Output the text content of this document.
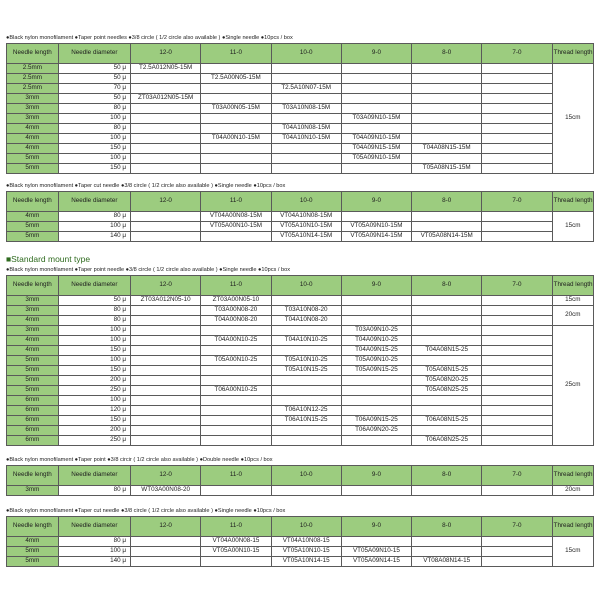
●Black nylon monofilament ●Taper point needles ●3/8 circle ( 1/2 circle also available ) ●Single needle ●10pcs / box
Needle length	Needle diameter	12-0	11-0	10-0	9-0	8-0	7-0	Thread length
2.5mm	50 μ	T2.5A012N05-15M						15cm
2.5mm	50 μ		T2.5A00N05-15M					
2.5mm	70 μ			T2.5A10N07-15M				
3mm	50 μ	ZT03A012N05-15M						
3mm	80 μ		T03A00N05-15M	T03A10N08-15M				
3mm	100 μ				T03A09N10-15M			
4mm	80 μ			T04A10N08-15M				
4mm	100 μ		T04A00N10-15M	T04A10N10-15M	T04A09N10-15M			
4mm	150 μ				T04A09N15-15M	T04A08N15-15M		
5mm	100 μ				T05A09N10-15M			
5mm	150 μ					T05A08N15-15M		
●Black nylon monofilament ●Taper cut needle ●3/8 circle ( 1/2 circle also available ) ●Single needle ●10pcs / box
Needle length	Needle diameter	12-0	11-0	10-0	9-0	8-0	7-0	Thread length
4mm	80 μ		VT04A00N08-15M	VT04A10N08-15M				15cm
5mm	100 μ		VT05A00N10-15M	VT05A10N10-15M	VT05A09N10-15M			
5mm	140 μ			VT05A10N14-15M	VT05A09N14-15M	VT05A08N14-15M		
■Standard mount type
●Black nylon monofilament ●Taper point needle ●3/8 circle ( 1/2 circle also available ) ●Single needle ●10pcs / box
Needle length	Needle diameter	12-0	11-0	10-0	9-0	8-0	7-0	Thread length
3mm	50 μ	ZT03A012N05-10	ZT03A00N05-10					15cm
3mm	80 μ		T03A00N08-20	T03A10N08-20				20cm
4mm	80 μ		T04A00N08-20	T04A10N08-20				
3mm	100 μ				T03A09N10-25			25cm
4mm	100 μ		T04A00N10-25	T04A10N10-25	T04A09N10-25			
4mm	150 μ				T04A09N15-25	T04A08N15-25		
5mm	100 μ		T05A00N10-25	T05A10N10-25	T05A09N10-25			
5mm	150 μ			T05A10N15-25	T05A09N15-25	T05A08N15-25		
5mm	200 μ					T05A08N20-25		
5mm	250 μ		T06A00N10-25			T05A08N25-25		
6mm	100 μ							
6mm	120 μ			T06A10N12-25				
6mm	150 μ			T06A10N15-25	T06A09N15-25	T06A08N15-25		
6mm	200 μ				T06A09N20-25			
6mm	250 μ					T06A08N25-25		
●Black nylon monofilament ●Taper point ●3/8 circir ( 1/2 circle also available ) ●Double needle ●10pcs / box
Needle length	Needle diameter	12-0	11-0	10-0	9-0	8-0	7-0	Thread length
3mm	80 μ	WT03A00N08-20						20cm
●Black nylon monofilament ●Taper cut needle ●3/8 circle ( 1/2 circle also available ) ●Single needle ●10pcs / box
Needle length	Needle diameter	12-0	11-0	10-0	9-0	8-0	7-0	Thread length
4mm	80 μ		VT04A00N08-15	VT04A10N08-15				15cm
5mm	100 μ		VT05A00N10-15	VT05A10N10-15	VT05A09N10-15			
5mm	140 μ			VT05A10N14-15	VT05A09N14-15	VT08A08N14-15		
